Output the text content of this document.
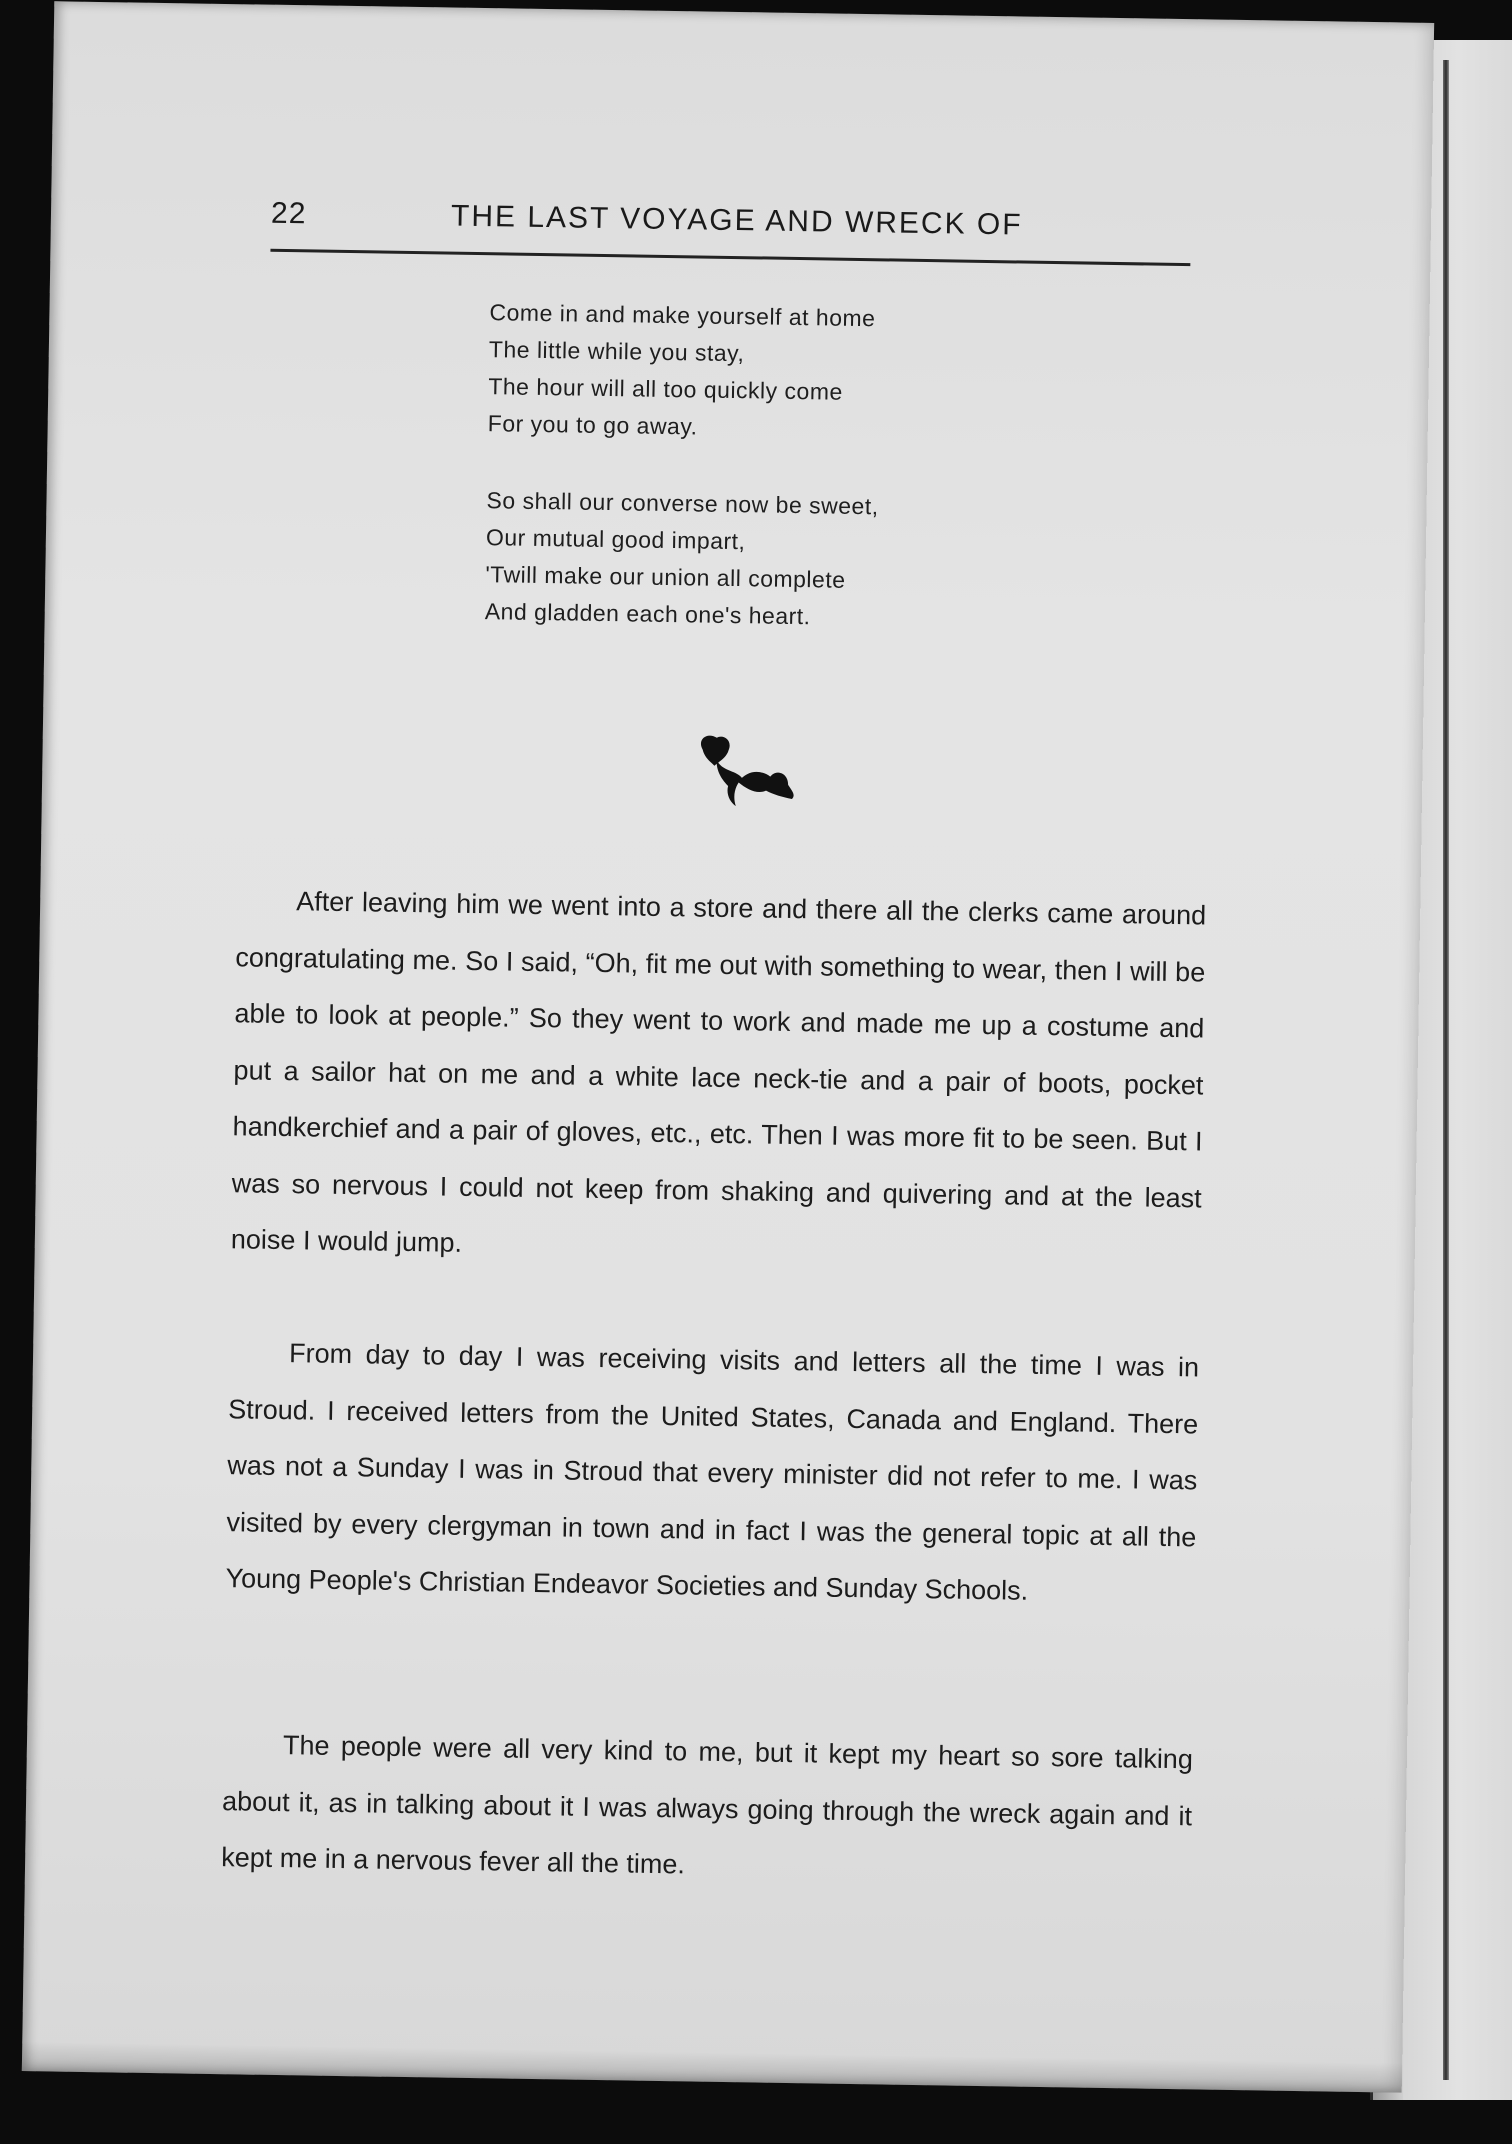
22	THE LAST VOYAGE AND WRECK OF
Come in and make yourself at home
The little while you stay,
The hour will all too quickly come
For you to go away.
So shall our converse now be sweet,
Our mutual good impart,
'Twill make our union all complete
And gladden each one's heart.

After leaving him we went into a store and there all the clerks came around congratulating me. So I said, “Oh, fit me out with something to wear, then I will be able to look at people.” So they went to work and made me up a costume and put a sailor hat on me and a white lace neck-tie and a pair of boots, pocket handkerchief and a pair of gloves, etc., etc. Then I was more fit to be seen. But I was so nervous I could not keep from shaking and quivering and at the least noise I would jump.

From day to day I was receiving visits and letters all the time I was in Stroud. I received letters from the United States, Canada and England. There was not a Sunday I was in Stroud that every minister did not refer to me. I was visited by every clergyman in town and in fact I was the general topic at all the Young People's Christian Endeavor Societies and Sunday Schools.

The people were all very kind to me, but it kept my heart so sore talking about it, as in talking about it I was always going through the wreck again and it kept me in a nervous fever all the time.
